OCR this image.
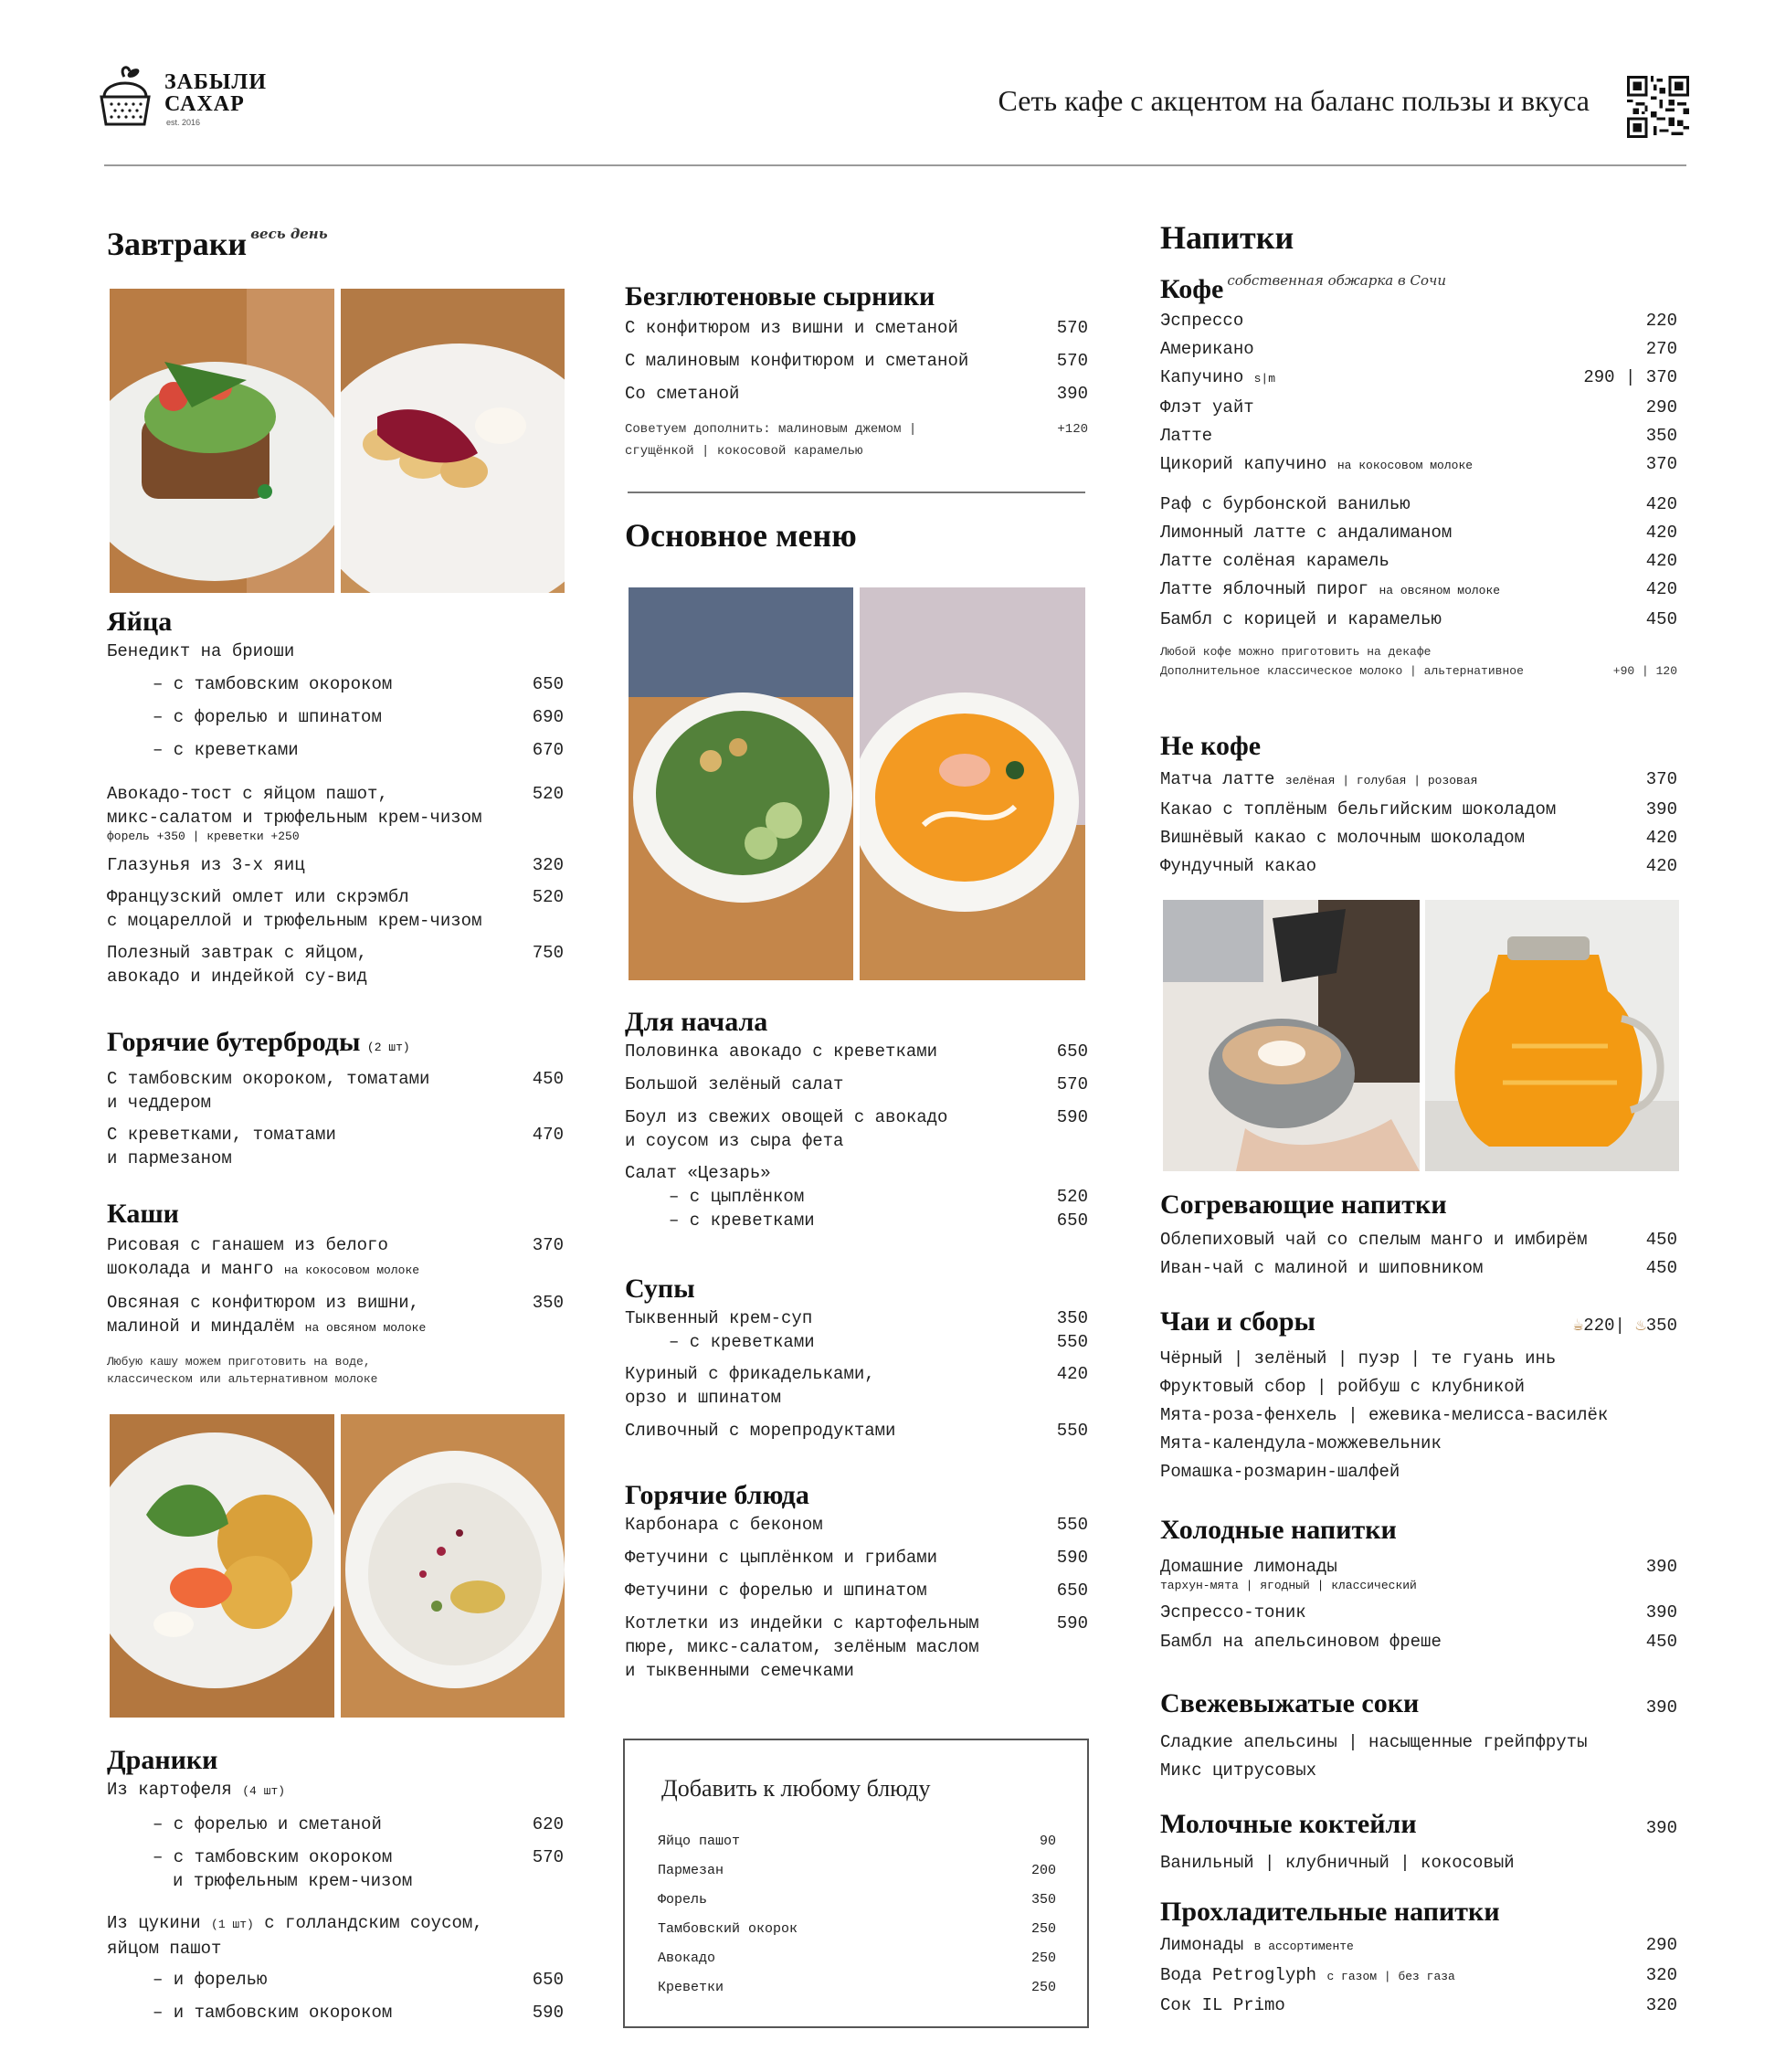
ЗАБЫЛИ
САХАР
est. 2016
Сеть кафе с акцентом на баланс пользы и вкуса
Завтраки $^{весь день}$
Яйца
Бенедикт на бриоши
– с тамбовским окороком	650
– с форелью и шпинатом	690
– с креветками	670
Авокадо-тост с яйцом пашот,
микс-салатом и трюфельным крем-чизом
форель +350 | креветки +250
520
Глазунья из 3-х яиц	320
Французский омлет или скрэмбл
с моцареллой и трюфельным крем-чизом
520
Полезный завтрак с яйцом,
авокадо и индейкой су-вид
750
Горячие бутерброды (2 шт)
С тамбовским окороком, томатами
и чеддером
450
С креветками, томатами
и пармезаном
470
Каши
Рисовая с ганашем из белого
шоколада и манго на кокосовом молоке
370
Овсяная с конфитюром из вишни,
малиной и миндалём на овсяном молоке
350
Любую кашу можем приготовить на воде,
классическом или альтернативном молоке
Драники
Из картофеля (4 шт)
– с форелью и сметаной	620
– с тамбовским окороком
и трюфельным крем-чизом
570
Из цукини (1 шт) с голландским соусом,
яйцом пашот
– и форелью	650
– и тамбовским окороком	590
Безглютеновые сырники
С конфитюром из вишни и сметаной	570
С малиновым конфитюром и сметаной	570
Со сметаной	390
Советуем дополнить: малиновым джемом |
сгущёнкой | кокосовой карамелью
+120
Основное меню
Для начала
Половинка авокадо с креветками	650
Большой зелёный салат	570
Боул из свежих овощей с авокадо
и соусом из сыра фета
590
Салат «Цезарь»
– с цыплёнком	520
– с креветками	650
Супы
Тыквенный крем-суп	350
– с креветками	550
Куриный с фрикадельками,
орзо и шпинатом
420
Сливочный с морепродуктами	550
Горячие блюда
Карбонара с беконом	550
Фетучини с цыплёнком и грибами	590
Фетучини с форелью и шпинатом	650
Котлетки из индейки с картофельным
пюре, микс-салатом, зелёным маслом
и тыквенными семечками
590
Добавить к любому блюду
Яйцо пашот	90
Пармезан	200
Форель	350
Тамбовский окорок	250
Авокадо	250
Креветки	250
Напитки
Кофе $^{собственная обжарка в Сочи}$
Эспрессо	220
Американо	270
Капучино s|m	290 | 370
Флэт уайт	290
Латте	350
Цикорий капучино на кокосовом молоке	370
Раф с бурбонской ванилью	420
Лимонный латте с андалиманом	420
Латте солёная карамель	420
Латте яблочный пирог на овсяном молоке	420
Бамбл с корицей и карамелью	450
Любой кофе можно приготовить на декафе
Дополнительное классическое молоко | альтернативное	+90 | 120
Не кофе
Матча латте зелёная | голубая | розовая	370
Какао с топлёным бельгийским шоколадом	390
Вишнёвый какао с молочным шоколадом	420
Фундучный какао	420
Согревающие напитки
Облепиховый чай со спелым манго и имбирём	450
Иван-чай с малиной и шиповником	450
Чаи и сборы	☕220| ♨350
Чёрный | зелёный | пуэр | те гуань инь
Фруктовый сбор | ройбуш с клубникой
Мята-роза-фенхель | ежевика-мелисса-василёк
Мята-календула-можжевельник
Ромашка-розмарин-шалфей
Холодные напитки
Домашние лимонады
тархун-мята | ягодный | классический
390
Эспрессо-тоник	390
Бамбл на апельсиновом фреше	450
Свежевыжатые соки	390
Сладкие апельсины | насыщенные грейпфруты
Микс цитрусовых
Молочные коктейли	390
Ванильный | клубничный | кокосовый
Прохладительные напитки
Лимонады в ассортименте	290
Вода Petroglyph с газом | без газа	320
Сок IL Primo	320
